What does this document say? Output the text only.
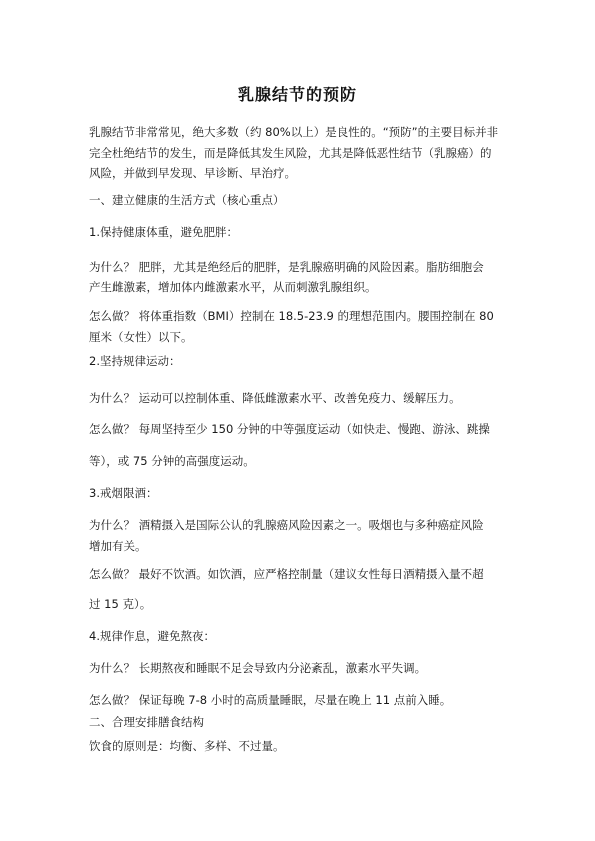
乳腺结节的预防
乳腺结节非常常见，绝大多数（约 80%以上）是良性的。“预防”的主要目标并非
完全杜绝结节的发生，而是降低其发生风险，尤其是降低恶性结节（乳腺癌）的
风险，并做到早发现、早诊断、早治疗。
一、建立健康的生活方式（核心重点）
1.保持健康体重，避免肥胖：
为什么？ 肥胖，尤其是绝经后的肥胖，是乳腺癌明确的风险因素。脂肪细胞会
产生雌激素，增加体内雌激素水平，从而刺激乳腺组织。
怎么做？ 将体重指数（BMI）控制在 18.5-23.9 的理想范围内。腰围控制在 80
厘米（女性）以下。
2.坚持规律运动：
为什么？ 运动可以控制体重、降低雌激素水平、改善免疫力、缓解压力。
怎么做？ 每周坚持至少 150 分钟的中等强度运动（如快走、慢跑、游泳、跳操
等），或 75 分钟的高强度运动。
3.戒烟限酒：
为什么？ 酒精摄入是国际公认的乳腺癌风险因素之一。吸烟也与多种癌症风险
增加有关。
怎么做？ 最好不饮酒。如饮酒，应严格控制量（建议女性每日酒精摄入量不超
过 15 克）。
4.规律作息，避免熬夜：
为什么？ 长期熬夜和睡眠不足会导致内分泌紊乱，激素水平失调。
怎么做？ 保证每晚 7-8 小时的高质量睡眠，尽量在晚上 11 点前入睡。
二、合理安排膳食结构
饮食的原则是：均衡、多样、不过量。
